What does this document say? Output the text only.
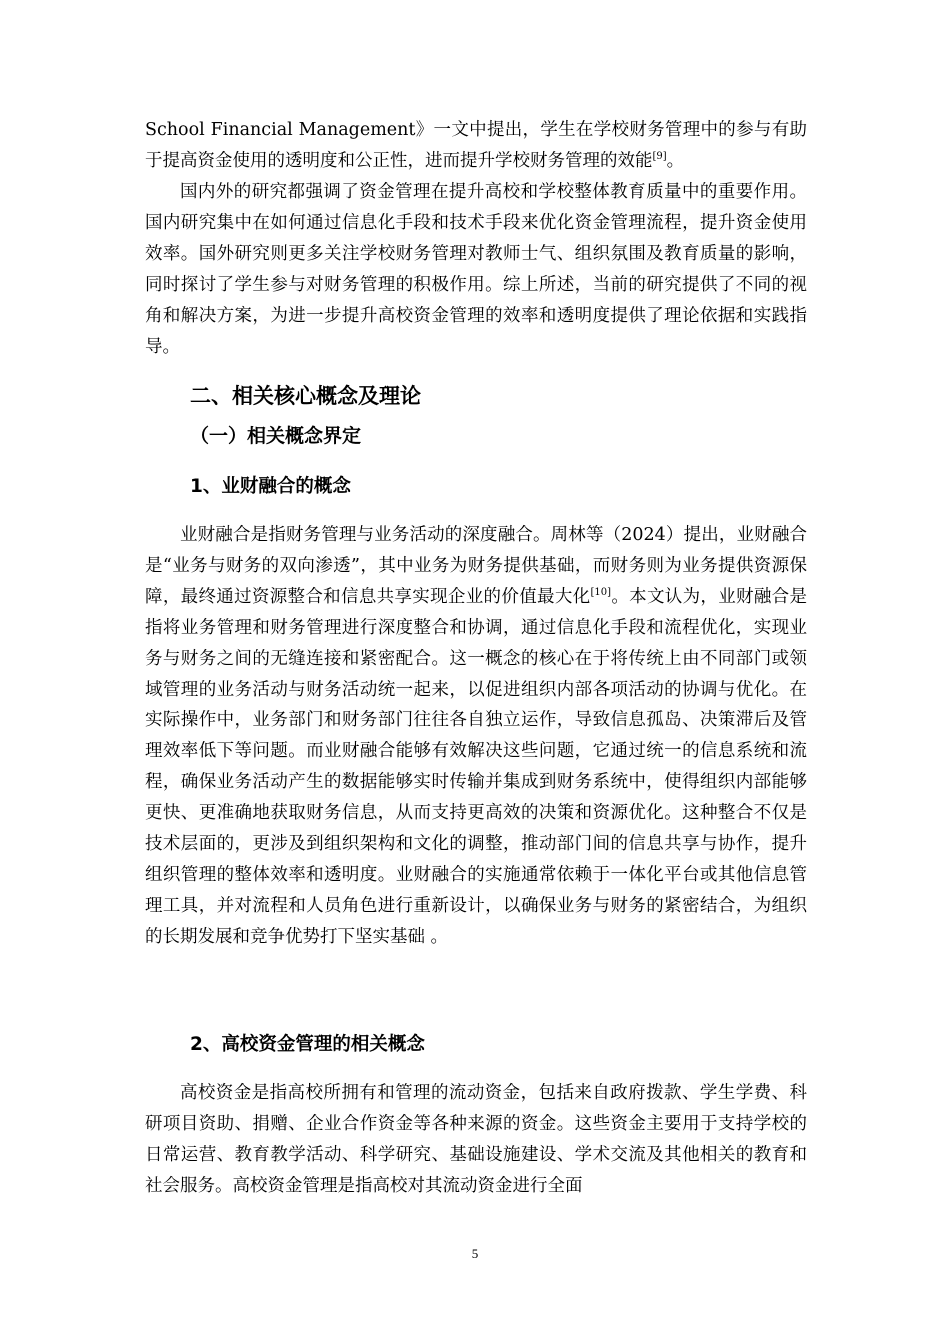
School Financial Management》一文中提出，学生在学校财务管理中的参与有助于提高资金使用的透明度和公正性，进而提升学校财务管理的效能[9]。

国内外的研究都强调了资金管理在提升高校和学校整体教育质量中的重要作用。国内研究集中在如何通过信息化手段和技术手段来优化资金管理流程，提升资金使用效率。国外研究则更多关注学校财务管理对教师士气、组织氛围及教育质量的影响，同时探讨了学生参与对财务管理的积极作用。综上所述，当前的研究提供了不同的视角和解决方案，为进一步提升高校资金管理的效率和透明度提供了理论依据和实践指导。

二、相关核心概念及理论
（一）相关概念界定
1、业财融合的概念

业财融合是指财务管理与业务活动的深度融合。周林等（2024）提出，业财融合是“业务与财务的双向渗透”，其中业务为财务提供基础，而财务则为业务提供资源保障，最终通过资源整合和信息共享实现企业的价值最大化[10]。本文认为，业财融合是指将业务管理和财务管理进行深度整合和协调，通过信息化手段和流程优化，实现业务与财务之间的无缝连接和紧密配合。这一概念的核心在于将传统上由不同部门或领域管理的业务活动与财务活动统一起来，以促进组织内部各项活动的协调与优化。在实际操作中，业务部门和财务部门往往各自独立运作，导致信息孤岛、决策滞后及管理效率低下等问题。而业财融合能够有效解决这些问题，它通过统一的信息系统和流程，确保业务活动产生的数据能够实时传输并集成到财务系统中，使得组织内部能够更快、更准确地获取财务信息，从而支持更高效的决策和资源优化。这种整合不仅是技术层面的，更涉及到组织架构和文化的调整，推动部门间的信息共享与协作，提升组织管理的整体效率和透明度。业财融合的实施通常依赖于一体化平台或其他信息管理工具，并对流程和人员角色进行重新设计，以确保业务与财务的紧密结合，为组织的长期发展和竞争优势打下坚实基础 。

2、高校资金管理的相关概念

高校资金是指高校所拥有和管理的流动资金，包括来自政府拨款、学生学费、科研项目资助、捐赠、企业合作资金等各种来源的资金。这些资金主要用于支持学校的日常运营、教育教学活动、科学研究、基础设施建设、学术交流及其他相关的教育和社会服务。高校资金管理是指高校对其流动资金进行全面

5
